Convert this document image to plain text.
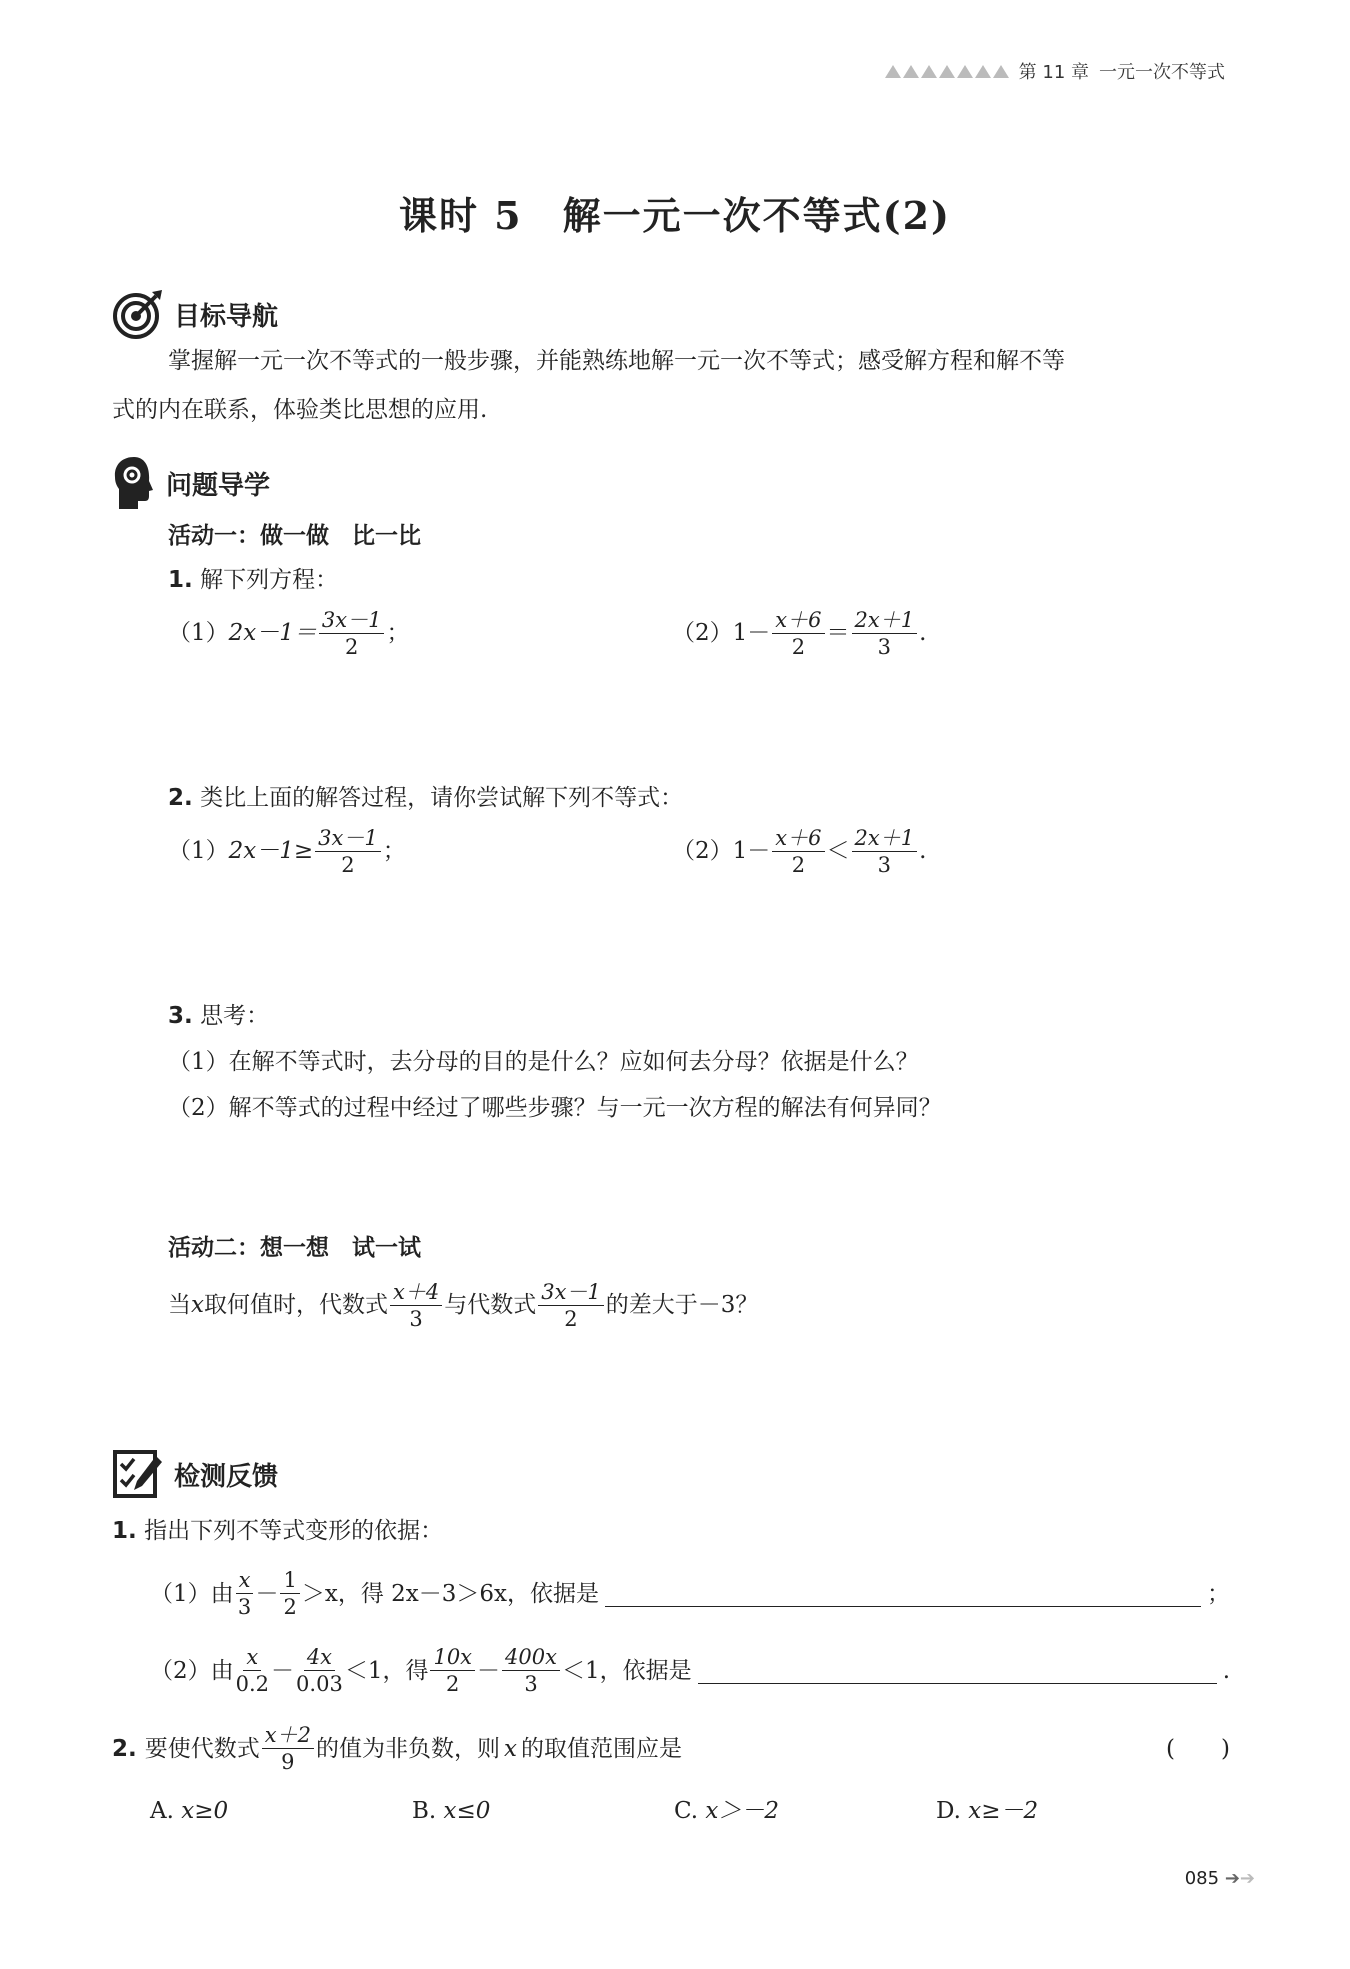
第 11 章 一元一次不等式
课时 5　解一元一次不等式(2)
目标导航
掌握解一元一次不等式的一般步骤，并能熟练地解一元一次不等式；感受解方程和解不等
式的内在联系，体验类比思想的应用.
问题导学
活动一：做一做　比一比
1. 解下列方程：
$(1)2x-1= \frac{3x-1}{2}$ ；	$(2)1- \frac{x+6}{2} = \frac{2x+1}{3}$ .
2. 类比上面的解答过程，请你尝试解下列不等式：
$(1)2x-1\ge \frac{3x-1}{2}$ ；	$(2)1- \frac{x+6}{2} < \frac{2x+1}{3}$ .
3. 思考：
（1）在解不等式时，去分母的目的是什么？应如何去分母？依据是什么？
（2）解不等式的过程中经过了哪些步骤？与一元一次方程的解法有何异同？
活动二：想一想　试一试
当x取何值时，代数式 $\frac{x+4}{3}$ 与代数式 $\frac{3x-1}{2}$ 的差大于－3？
检测反馈
1. 指出下列不等式变形的依据：
（1）由 $\frac{x}{3} - \frac{1}{2} >x$，得 2x－3＞6x，依据是	；
（2）由 $\frac{x}{0.2} - \frac{4x}{0.03} <1$，得 $\frac{10x}{2} - \frac{400x}{3} <1$，依据是	.
2. 要使代数式 $\frac{x+2}{9}$ 的值为非负数，则 x 的取值范围应是	(　　)
A. x≥0	B. x≤0	C. x＞－2	D. x≥－2
085 ➔➔
